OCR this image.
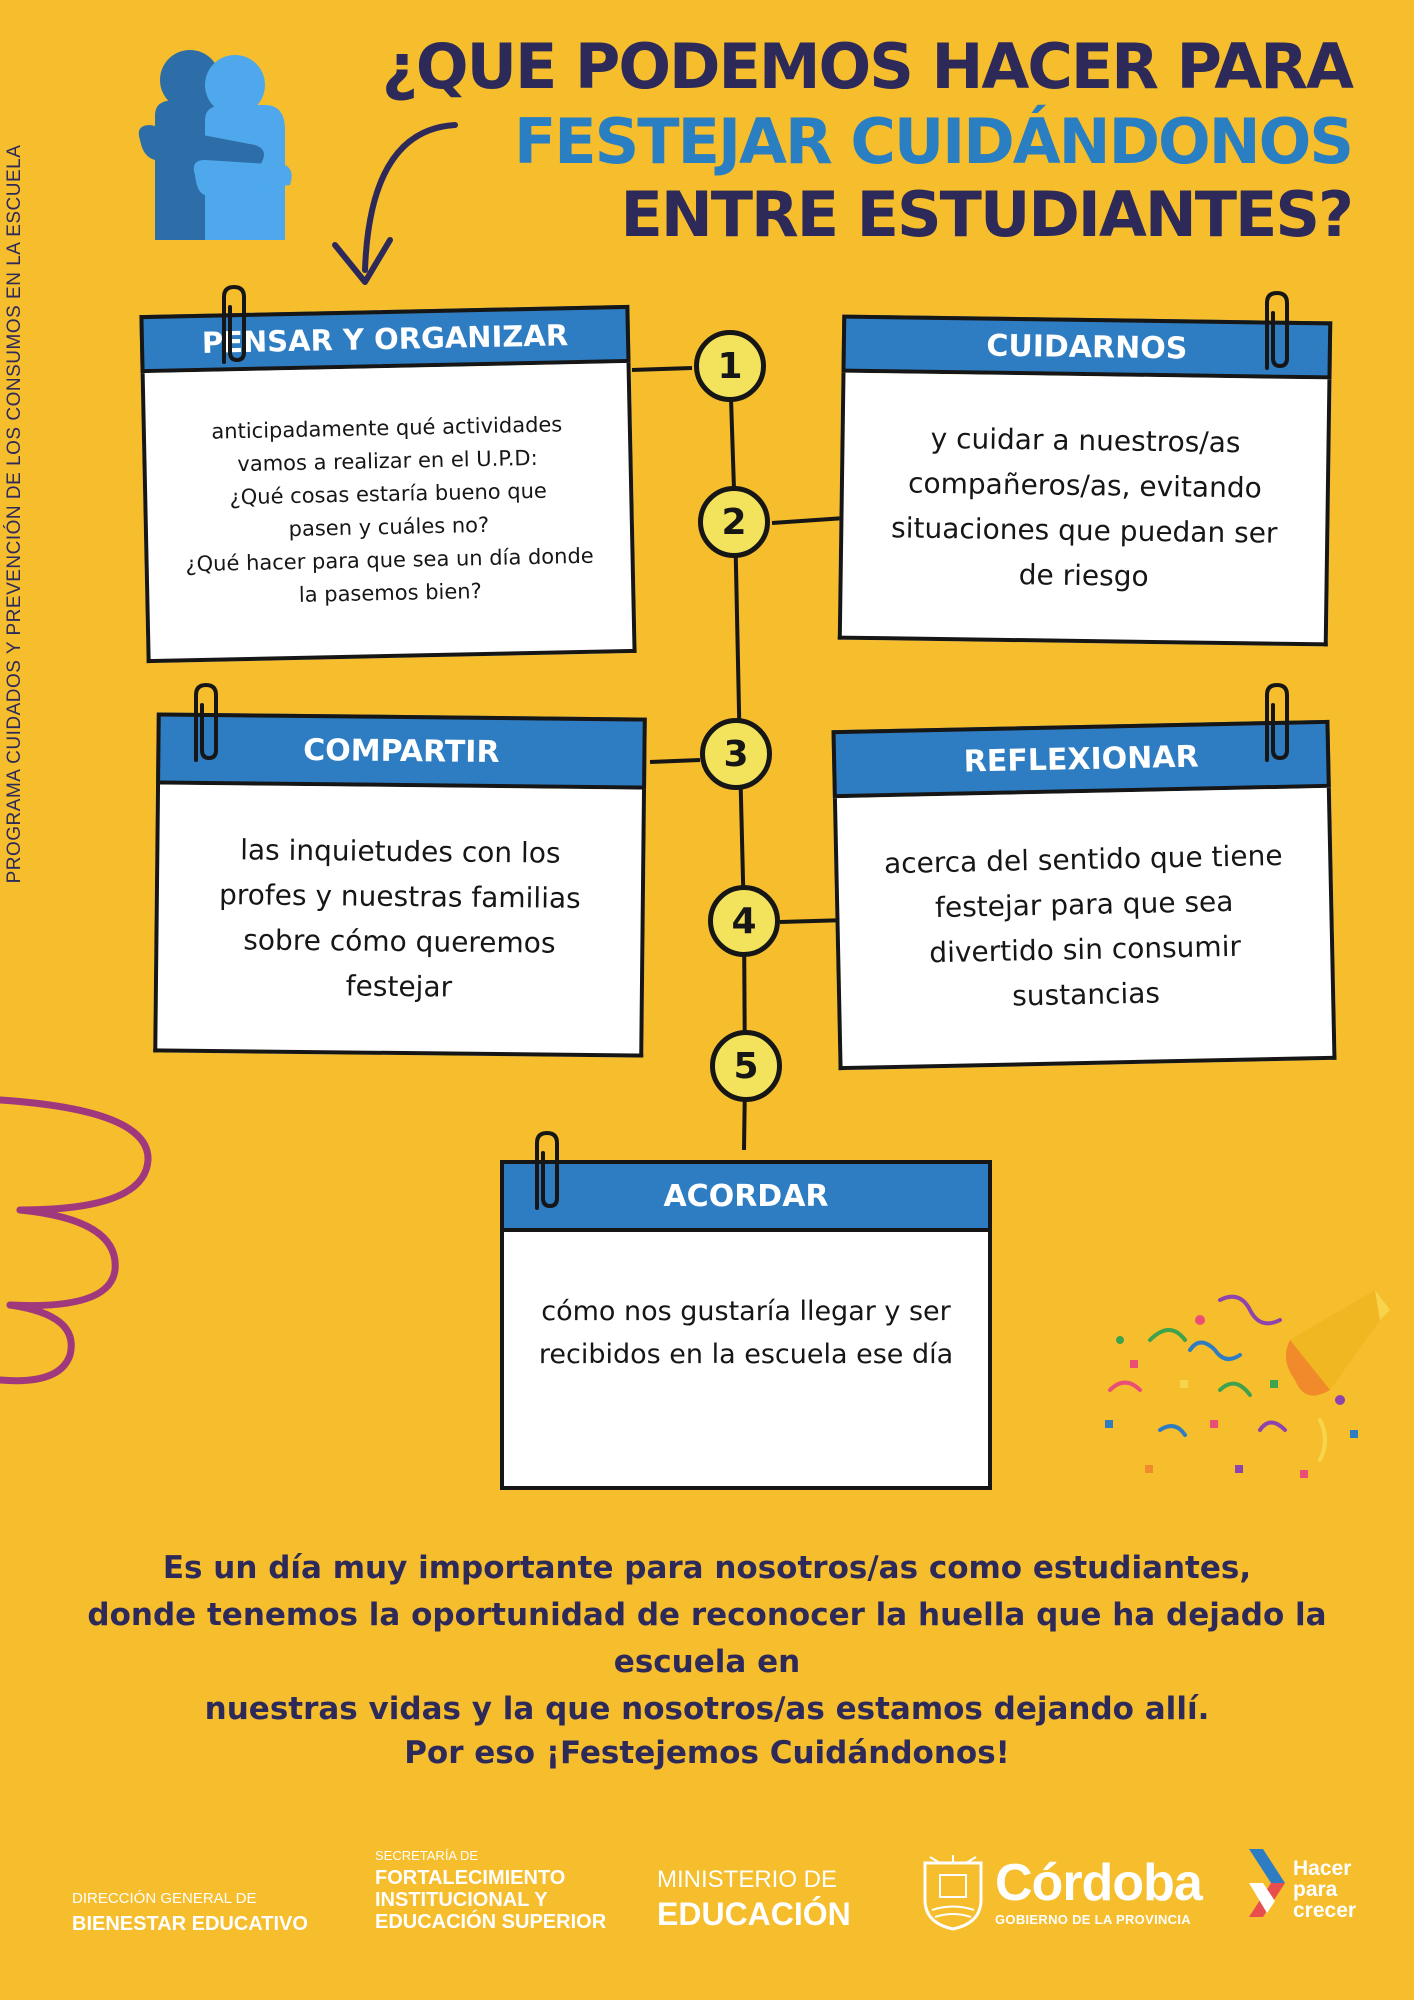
PROGRAMA CUIDADOS Y PREVENCIÓN DE LOS CONSUMOS EN LA ESCUELA
¿QUE PODEMOS HACER PARA
FESTEJAR CUIDÁNDONOS
ENTRE ESTUDIANTES?
1
2
3
4
5
PENSAR Y ORGANIZAR
anticipadamente qué actividades
vamos a realizar en el U.P.D:
¿Qué cosas estaría bueno que
pasen y cuáles no?
¿Qué hacer para que sea un día donde
la pasemos bien?
CUIDARNOS
y cuidar a nuestros/as
compañeros/as, evitando
situaciones que puedan ser
de riesgo
COMPARTIR
las inquietudes con los
profes y nuestras familias
sobre cómo queremos
festejar
REFLEXIONAR
acerca del sentido que tiene
festejar para que sea
divertido sin consumir
sustancias
ACORDAR
cómo nos gustaría llegar y ser
recibidos en la escuela ese día
Es un día muy importante para nosotros/as como estudiantes,
donde tenemos la oportunidad de reconocer la huella que ha dejado la escuela en
nuestras vidas y la que nosotros/as estamos dejando allí.
Por eso ¡Festejemos Cuidándonos!
DIRECCIÓN GENERAL DE
BIENESTAR EDUCATIVO
SECRETARÍA DE
FORTALECIMIENTO
INSTITUCIONAL Y
EDUCACIÓN SUPERIOR
MINISTERIO DE
EDUCACIÓN
Córdoba
GOBIERNO DE LA PROVINCIA
Hacer
para
crecer
